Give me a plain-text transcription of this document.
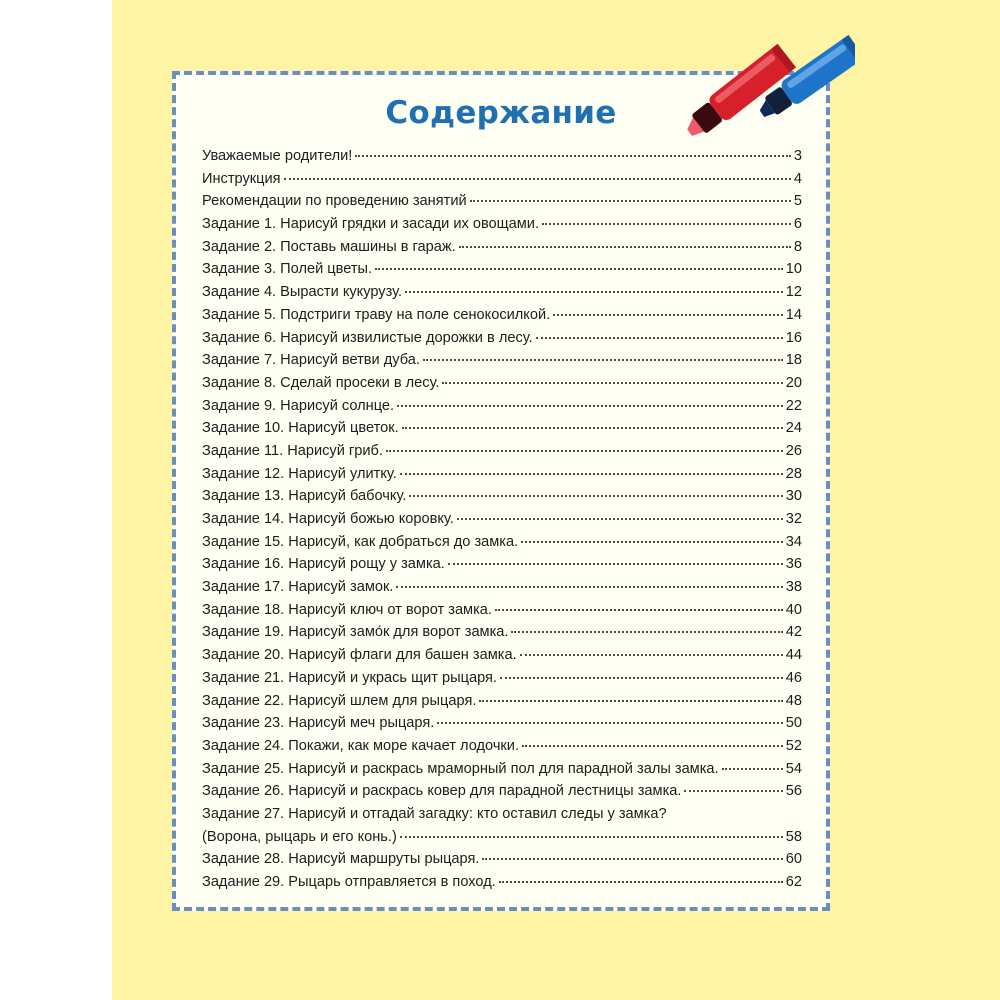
Содержание
Уважаемые родители!	3
Инструкция	4
Рекомендации по проведению занятий	5
Задание 1. Нарисуй грядки и засади их овощами.	6
Задание 2. Поставь машины в гараж.	8
Задание 3. Полей цветы.	10
Задание 4. Вырасти кукурузу.	12
Задание 5. Подстриги траву на поле сенокосилкой.	14
Задание 6. Нарисуй извилистые дорожки в лесу.	16
Задание 7. Нарисуй ветви дуба.	18
Задание 8. Сделай просеки в лесу.	20
Задание 9. Нарисуй солнце.	22
Задание 10. Нарисуй цветок.	24
Задание 11. Нарисуй гриб.	26
Задание 12. Нарисуй улитку.	28
Задание 13. Нарисуй бабочку.	30
Задание 14. Нарисуй божью коровку.	32
Задание 15. Нарисуй, как добраться до замка.	34
Задание 16. Нарисуй рощу у замка.	36
Задание 17. Нарисуй замок.	38
Задание 18. Нарисуй ключ от ворот замка.	40
Задание 19. Нарисуй замо́к для ворот замка.	42
Задание 20. Нарисуй флаги для башен замка.	44
Задание 21. Нарисуй и укрась щит рыцаря.	46
Задание 22. Нарисуй шлем для рыцаря.	48
Задание 23. Нарисуй меч рыцаря.	50
Задание 24. Покажи, как море качает лодочки.	52
Задание 25. Нарисуй и раскрась мраморный пол для парадной залы замка.	54
Задание 26. Нарисуй и раскрась ковер для парадной лестницы замка.	56
Задание 27. Нарисуй и отгадай загадку: кто оставил следы у замка?
(Ворона, рыцарь и его конь.)	58
Задание 28. Нарисуй маршруты рыцаря.	60
Задание 29. Рыцарь отправляется в поход.	62
